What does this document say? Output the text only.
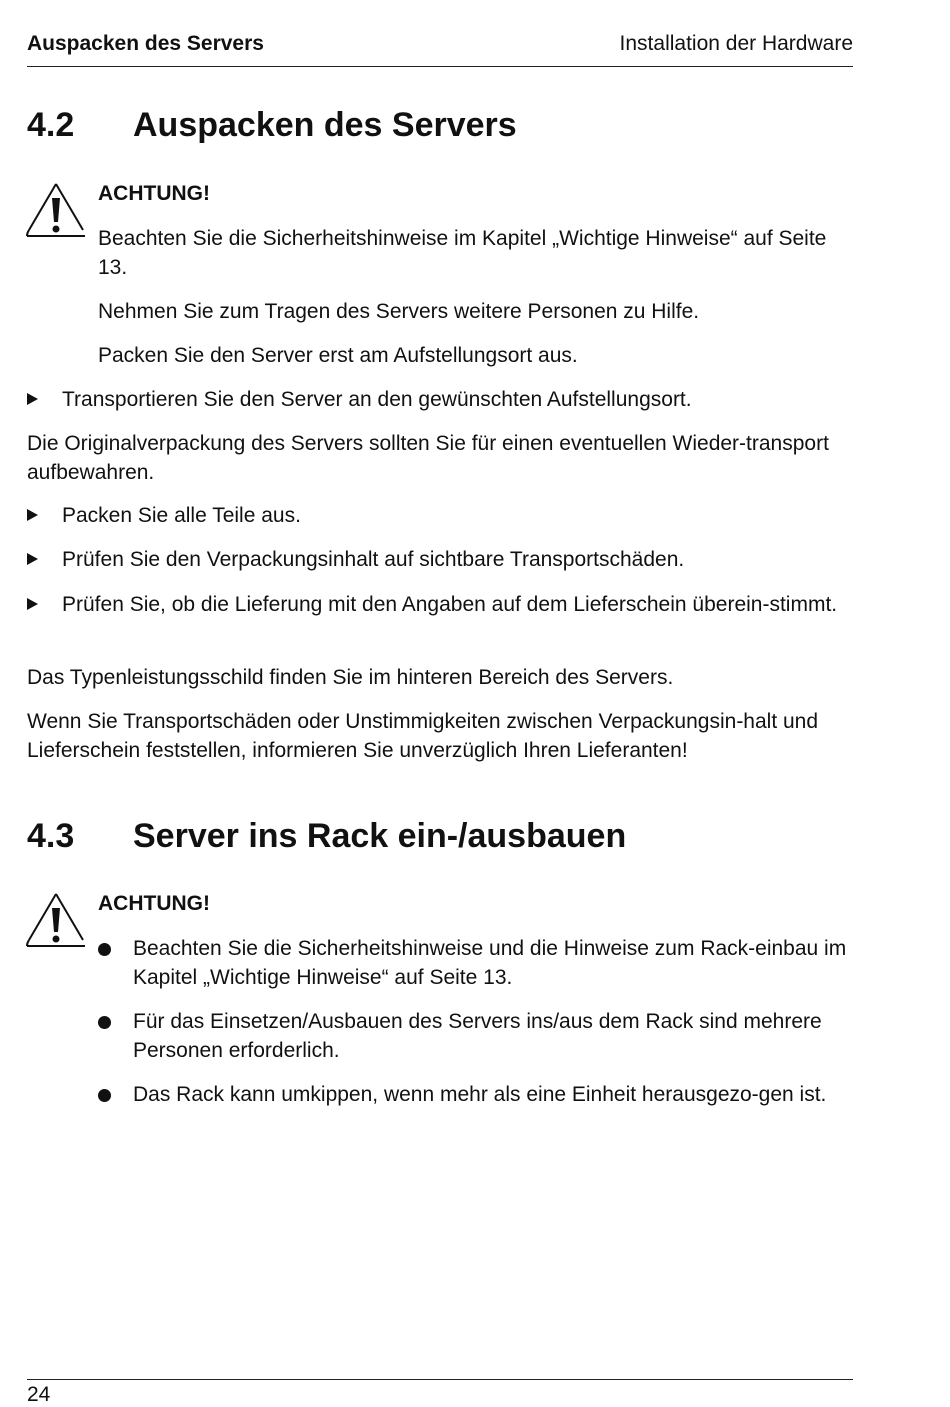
Auspacken des Servers	Installation der Hardware
4.2 Auspacken des Servers
ACHTUNG!
Beachten Sie die Sicherheitshinweise im Kapitel „Wichtige Hinweise“ auf Seite 13.
Nehmen Sie zum Tragen des Servers weitere Personen zu Hilfe.
Packen Sie den Server erst am Aufstellungsort aus.
Transportieren Sie den Server an den gewünschten Aufstellungsort.
Die Originalverpackung des Servers sollten Sie für einen eventuellen Wieder-transport aufbewahren.
Packen Sie alle Teile aus.
Prüfen Sie den Verpackungsinhalt auf sichtbare Transportschäden.
Prüfen Sie, ob die Lieferung mit den Angaben auf dem Lieferschein überein-stimmt.
Das Typenleistungsschild finden Sie im hinteren Bereich des Servers.
Wenn Sie Transportschäden oder Unstimmigkeiten zwischen Verpackungsin-halt und Lieferschein feststellen, informieren Sie unverzüglich Ihren Lieferanten!
4.3 Server ins Rack ein-/ausbauen
ACHTUNG!
Beachten Sie die Sicherheitshinweise und die Hinweise zum Rack-einbau im Kapitel „Wichtige Hinweise“ auf Seite 13.
Für das Einsetzen/Ausbauen des Servers ins/aus dem Rack sind mehrere Personen erforderlich.
Das Rack kann umkippen, wenn mehr als eine Einheit herausgezo-gen ist.
24
